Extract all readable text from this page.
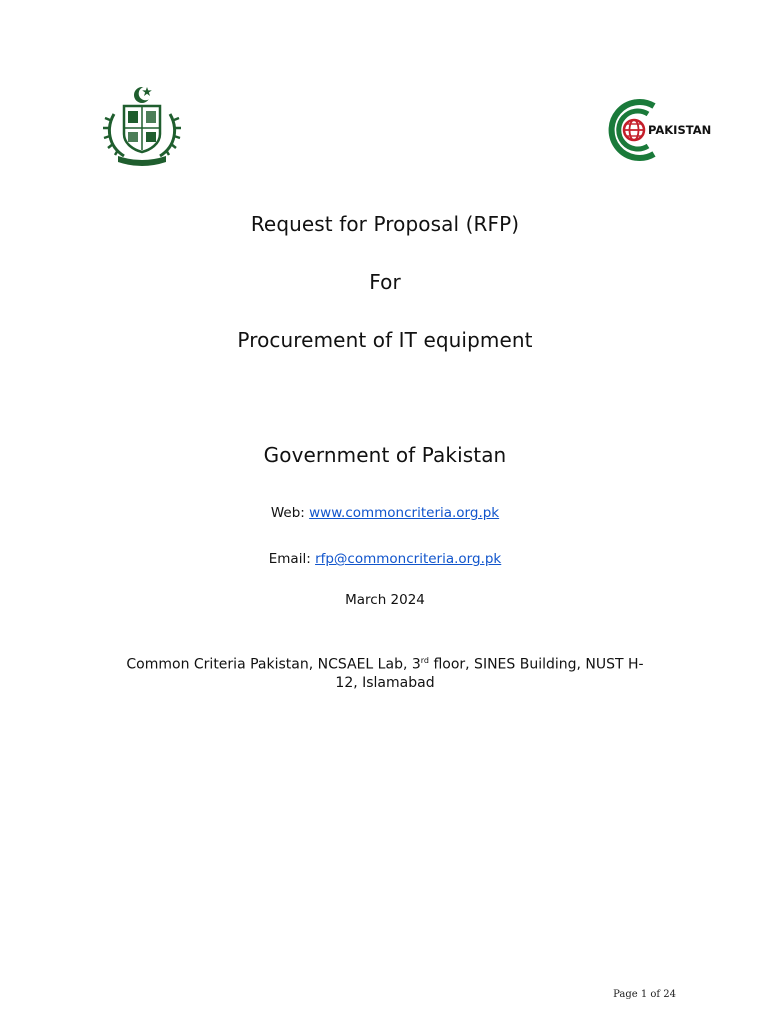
PAKISTAN
Request for Proposal (RFP)
For
Procurement of IT equipment
Government of Pakistan
Web: www.commoncriteria.org.pk
Email: rfp@commoncriteria.org.pk
March 2024
Common Criteria Pakistan, NCSAEL Lab, 3rd floor, SINES Building, NUST H-
12, Islamabad
Page 1 of 24
